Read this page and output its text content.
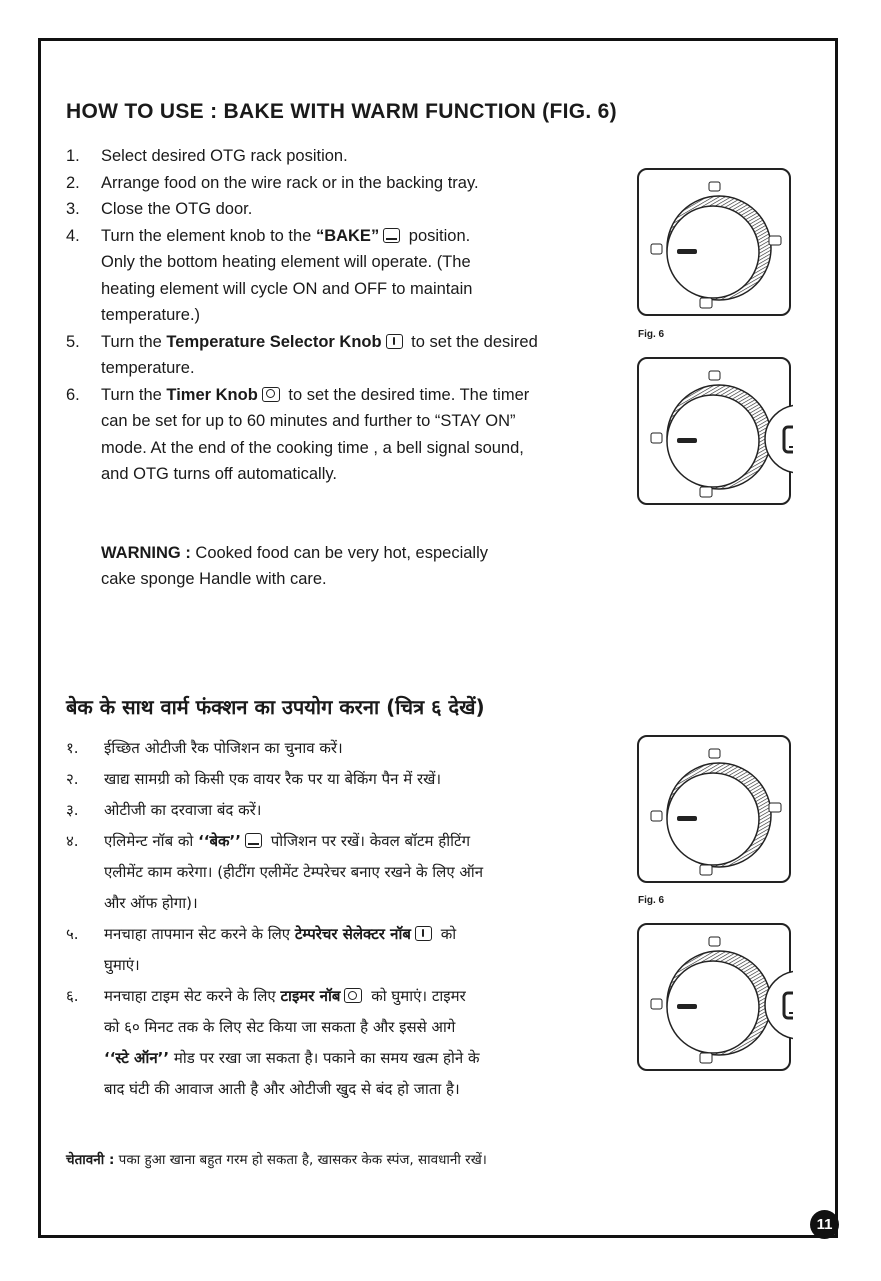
HOW TO USE : BAKE WITH WARM FUNCTION (FIG. 6)
1. Select desired OTG rack position.
2. Arrange food on the wire rack or in the backing tray.
3. Close the OTG door.
4. Turn the element knob to the “BAKE” position.
Only the bottom heating element will operate. (The
heating element will cycle ON and OFF to maintain
temperature.)
5. Turn the Temperature Selector Knob to set the desired
temperature.
6. Turn the Timer Knob to set the desired time. The timer
can be set for up to 60 minutes and further to “STAY ON”
mode. At the end of the cooking time , a bell signal sound,
and OTG turns off automatically.
WARNING : Cooked food can be very hot, especially
cake sponge Handle with care.
बेक के साथ वार्म फंक्शन का उपयोग करना (चित्र ६ देखें)
१. ईच्छित ओटीजी रैक पोजिशन का चुनाव करें।
२. खाद्य सामग्री को किसी एक वायर रैक पर या बेकिंग पैन में रखें।
३. ओटीजी का दरवाजा बंद करें।
४. एलिमेन्ट नॉब को ‘‘बेक’’ पोजिशन पर रखें। केवल बॉटम हीटिंग
एलीमेंट काम करेगा। (हीटींग एलीमेंट टेम्परेचर बनाए रखने के लिए ऑन
और ऑफ होगा)।
५. मनचाहा तापमान सेट करने के लिए टेम्परेचर सेलेक्टर नॉब को
घुमाएं।
६. मनचाहा टाइम सेट करने के लिए टाइमर नॉब को घुमाएं। टाइमर
को ६० मिनट तक के लिए सेट किया जा सकता है और इससे आगे
‘‘स्टे ऑन’’ मोड पर रखा जा सकता है। पकाने का समय खत्म होने के
बाद घंटी की आवाज आती है और ओटीजी खुद से बंद हो जाता है।
चेतावनी : पका हुआ खाना बहुत गरम हो सकता है, खासकर केक स्पंज, सावधानी रखें।
Fig. 6
Fig. 6
11
